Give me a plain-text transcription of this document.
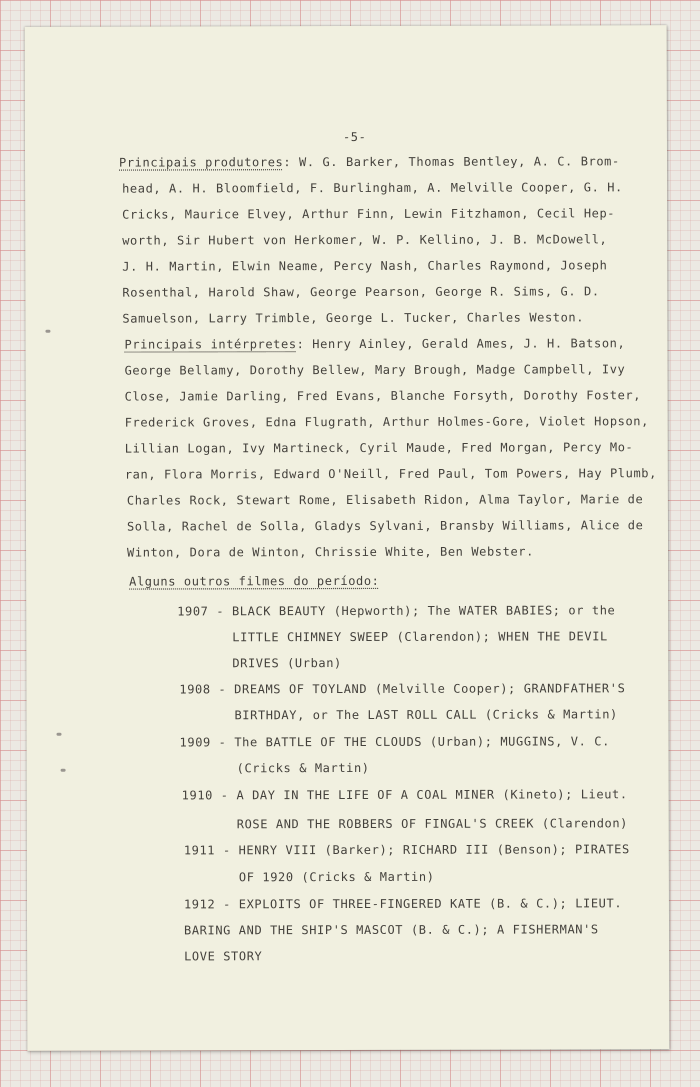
-5-
Principais produtores: W. G. Barker, Thomas Bentley, A. C. Brom-
head, A. H. Bloomfield, F. Burlingham, A. Melville Cooper, G. H.
Cricks, Maurice Elvey, Arthur Finn, Lewin Fitzhamon, Cecil Hep-
worth, Sir Hubert von Herkomer, W. P. Kellino, J. B. McDowell,
J. H. Martin, Elwin Neame, Percy Nash, Charles Raymond, Joseph
Rosenthal, Harold Shaw, George Pearson, George R. Sims, G. D.
Samuelson, Larry Trimble, George L. Tucker, Charles Weston.
Principais intérpretes: Henry Ainley, Gerald Ames, J. H. Batson,
George Bellamy, Dorothy Bellew, Mary Brough, Madge Campbell, Ivy
Close, Jamie Darling, Fred Evans, Blanche Forsyth, Dorothy Foster,
Frederick Groves, Edna Flugrath, Arthur Holmes-Gore, Violet Hopson,
Lillian Logan, Ivy Martineck, Cyril Maude, Fred Morgan, Percy Mo-
ran, Flora Morris, Edward O'Neill, Fred Paul, Tom Powers, Hay Plumb,
Charles Rock, Stewart Rome, Elisabeth Ridon, Alma Taylor, Marie de
Solla, Rachel de Solla, Gladys Sylvani, Bransby Williams, Alice de
Winton, Dora de Winton, Chrissie White, Ben Webster.
Alguns outros filmes do período:
1907 - BLACK BEAUTY (Hepworth); The WATER BABIES; or the
LITTLE CHIMNEY SWEEP (Clarendon); WHEN THE DEVIL
DRIVES (Urban)
1908 - DREAMS OF TOYLAND (Melville Cooper); GRANDFATHER'S
BIRTHDAY, or The LAST ROLL CALL (Cricks & Martin)
1909 - The BATTLE OF THE CLOUDS (Urban); MUGGINS, V. C.
(Cricks & Martin)
1910 - A DAY IN THE LIFE OF A COAL MINER (Kineto); Lieut.
ROSE AND THE ROBBERS OF FINGAL'S CREEK (Clarendon)
1911 - HENRY VIII (Barker); RICHARD III (Benson); PIRATES
OF 1920 (Cricks & Martin)
1912 - EXPLOITS OF THREE-FINGERED KATE (B. & C.); LIEUT.
BARING AND THE SHIP'S MASCOT (B. & C.); A FISHERMAN'S
LOVE STORY
